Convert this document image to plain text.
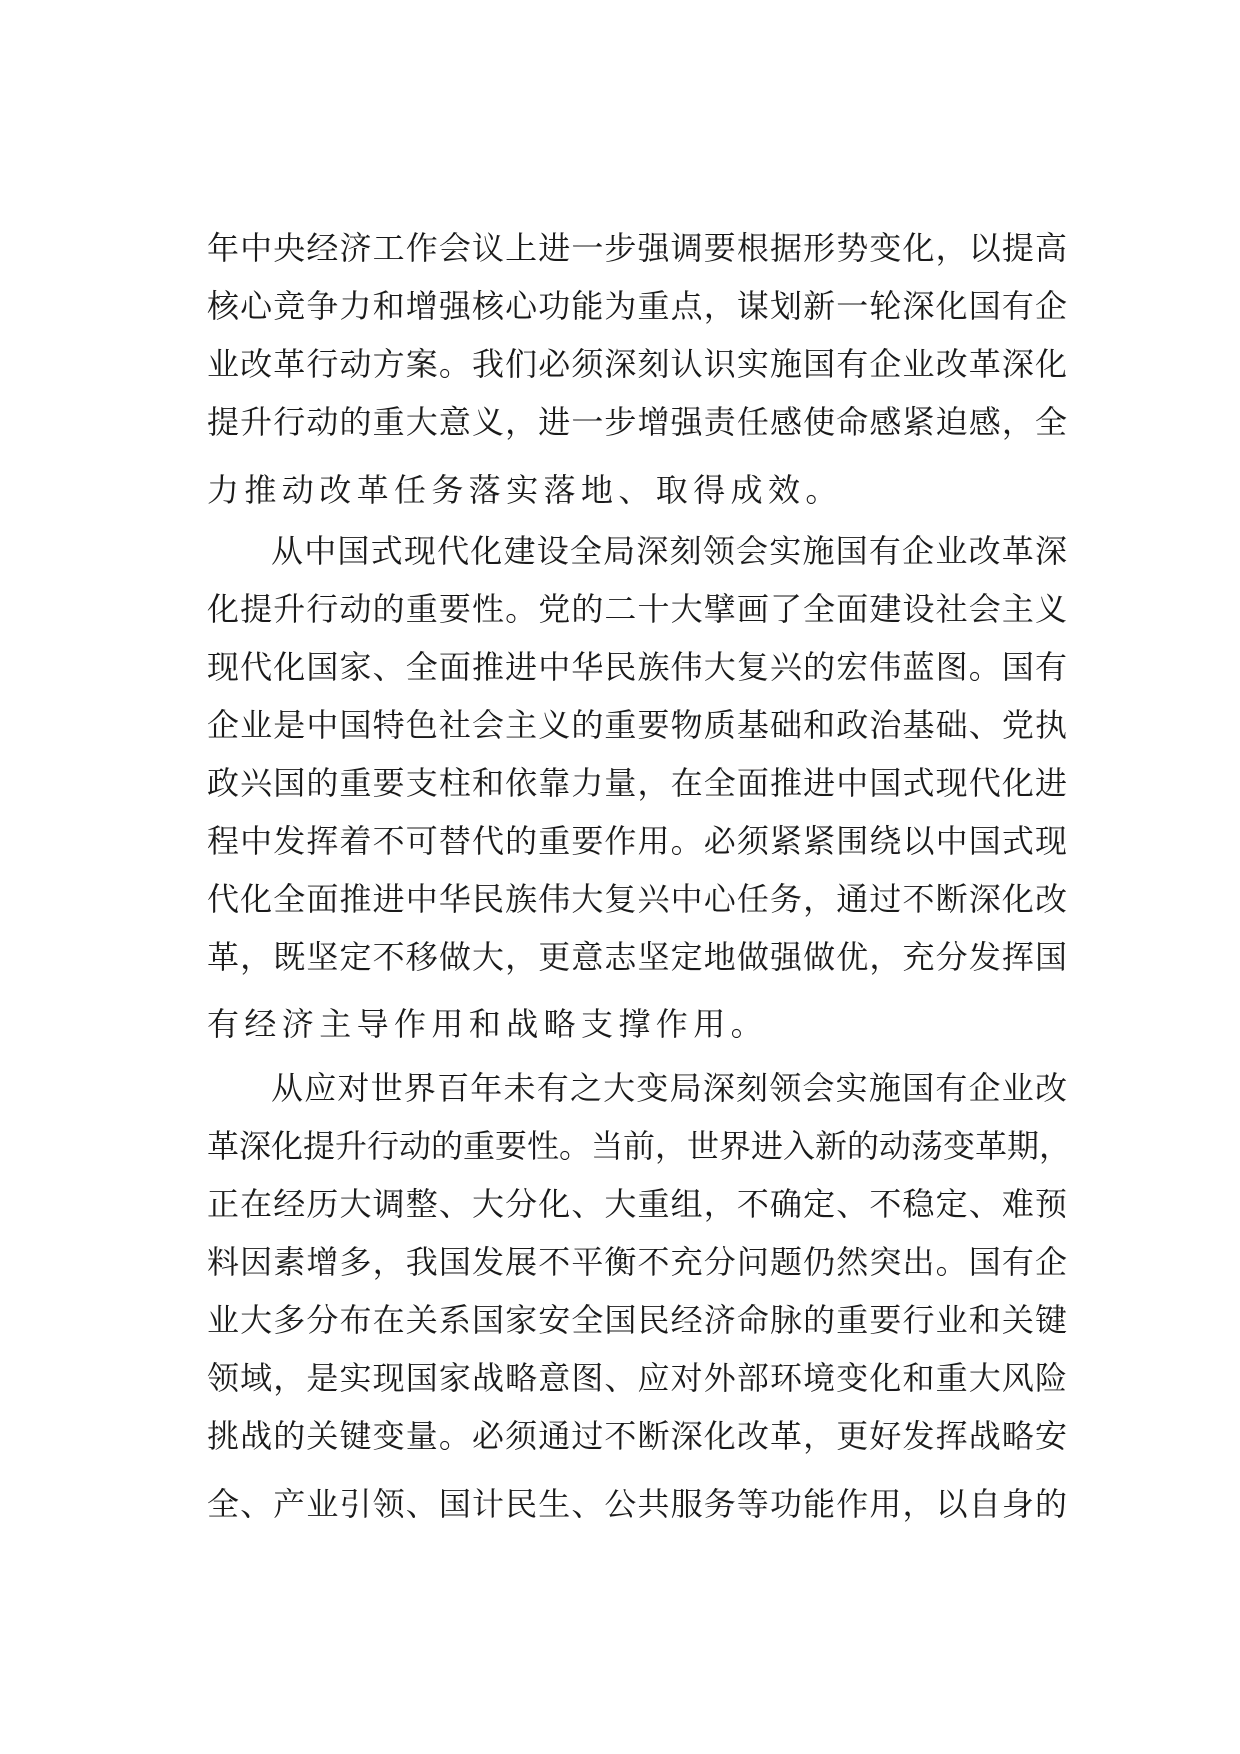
年中央经济工作会议上进一步强调要根据形势变化，以提高
核心竞争力和增强核心功能为重点，谋划新一轮深化国有企
业改革行动方案。我们必须深刻认识实施国有企业改革深化
提升行动的重大意义，进一步增强责任感使命感紧迫感，全
力推动改革任务落实落地、取得成效。
从中国式现代化建设全局深刻领会实施国有企业改革深
化提升行动的重要性。党的二十大擘画了全面建设社会主义
现代化国家、全面推进中华民族伟大复兴的宏伟蓝图。国有
企业是中国特色社会主义的重要物质基础和政治基础、党执
政兴国的重要支柱和依靠力量，在全面推进中国式现代化进
程中发挥着不可替代的重要作用。必须紧紧围绕以中国式现
代化全面推进中华民族伟大复兴中心任务，通过不断深化改
革，既坚定不移做大，更意志坚定地做强做优，充分发挥国
有经济主导作用和战略支撑作用。
从应对世界百年未有之大变局深刻领会实施国有企业改
革深化提升行动的重要性。当前，世界进入新的动荡变革期，
正在经历大调整、大分化、大重组，不确定、不稳定、难预
料因素增多，我国发展不平衡不充分问题仍然突出。国有企
业大多分布在关系国家安全国民经济命脉的重要行业和关键
领域，是实现国家战略意图、应对外部环境变化和重大风险
挑战的关键变量。必须通过不断深化改革，更好发挥战略安
全、产业引领、国计民生、公共服务等功能作用，以自身的
